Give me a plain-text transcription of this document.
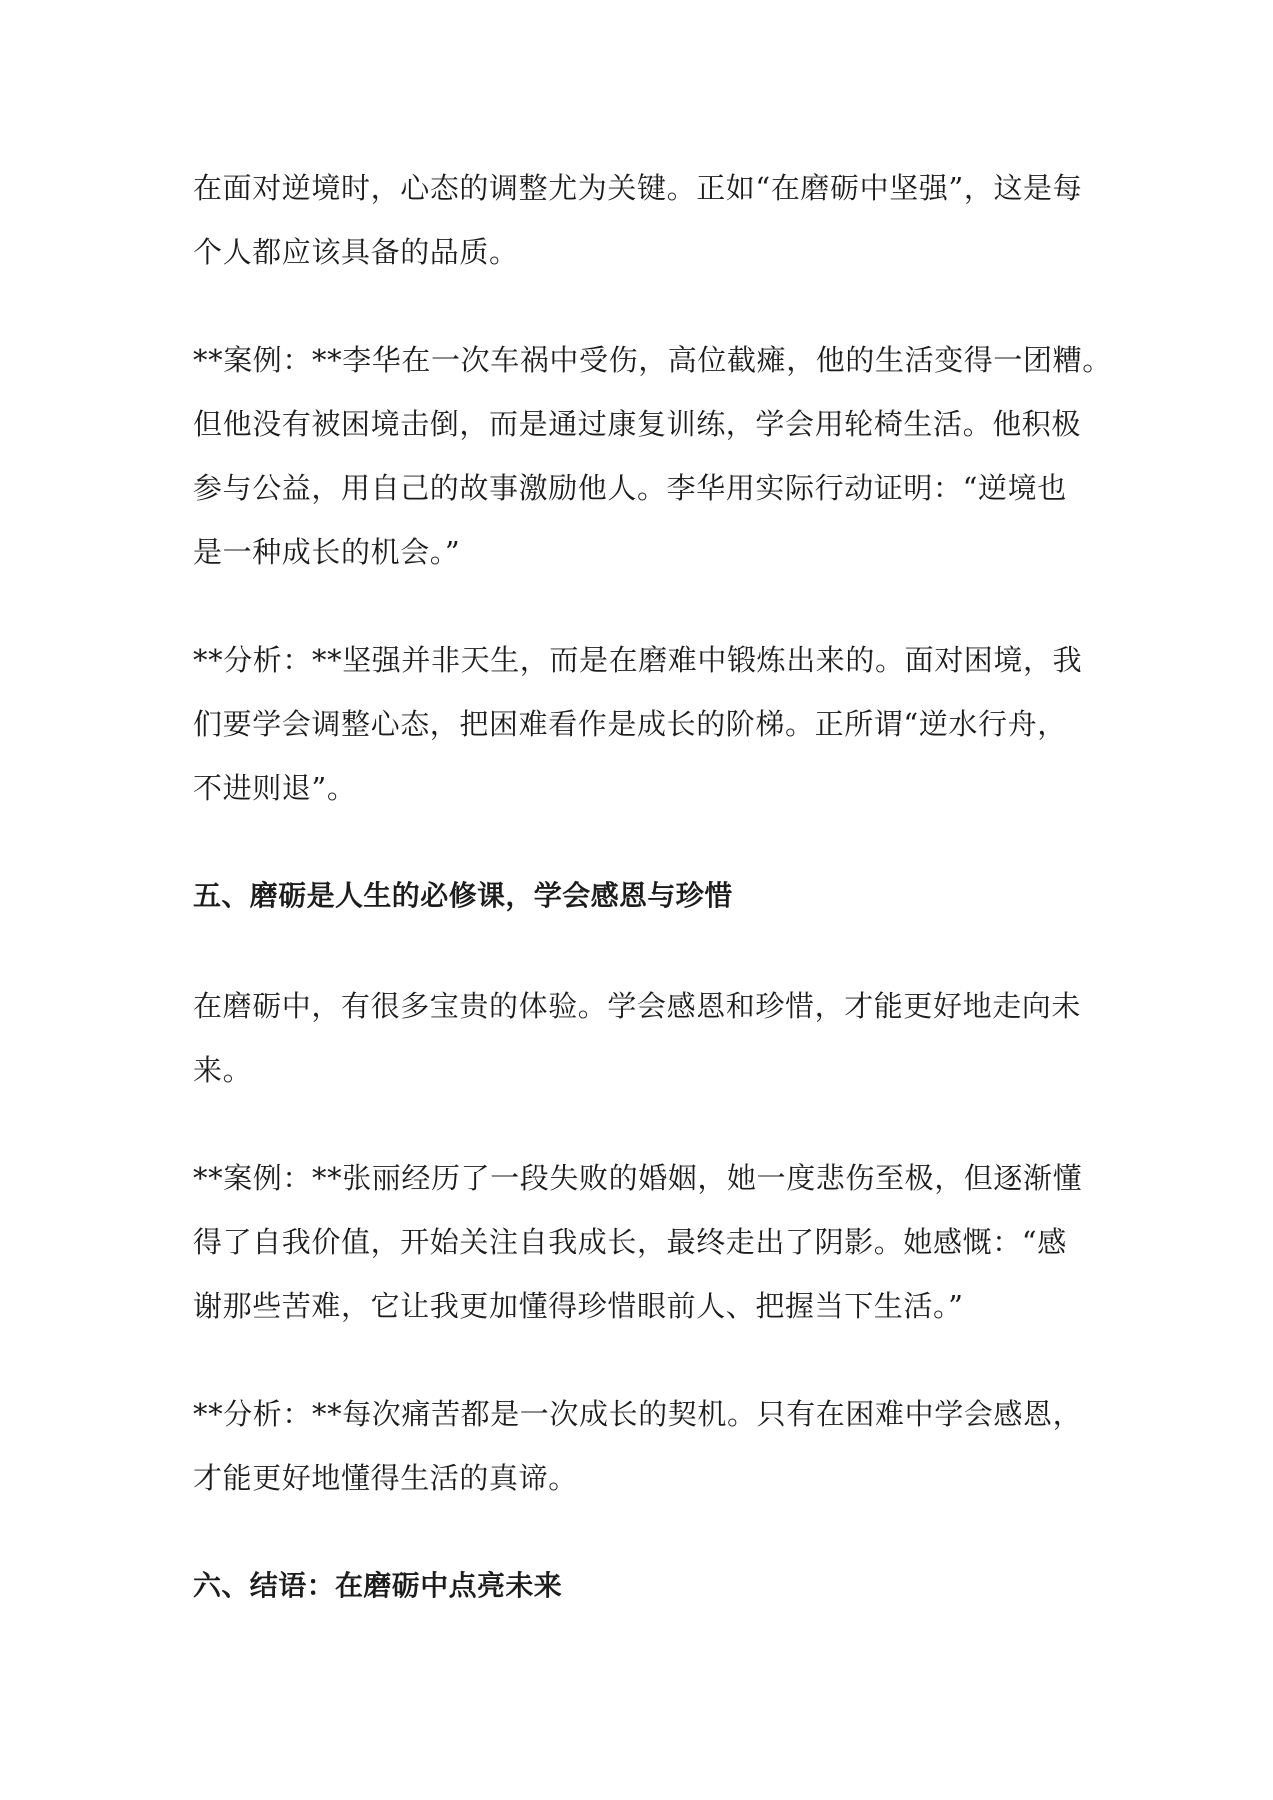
在面对逆境时，心态的调整尤为关键。正如“在磨砺中坚强”，这是每
个人都应该具备的品质。
**案例：**李华在一次车祸中受伤，高位截瘫，他的生活变得一团糟。
但他没有被困境击倒，而是通过康复训练，学会用轮椅生活。他积极
参与公益，用自己的故事激励他人。李华用实际行动证明：“逆境也
是一种成长的机会。”
**分析：**坚强并非天生，而是在磨难中锻炼出来的。面对困境，我
们要学会调整心态，把困难看作是成长的阶梯。正所谓“逆水行舟，
不进则退”。
五、磨砺是人生的必修课，学会感恩与珍惜
在磨砺中，有很多宝贵的体验。学会感恩和珍惜，才能更好地走向未
来。
**案例：**张丽经历了一段失败的婚姻，她一度悲伤至极，但逐渐懂
得了自我价值，开始关注自我成长，最终走出了阴影。她感慨：“感
谢那些苦难，它让我更加懂得珍惜眼前人、把握当下生活。”
**分析：**每次痛苦都是一次成长的契机。只有在困难中学会感恩，
才能更好地懂得生活的真谛。
六、结语：在磨砺中点亮未来
